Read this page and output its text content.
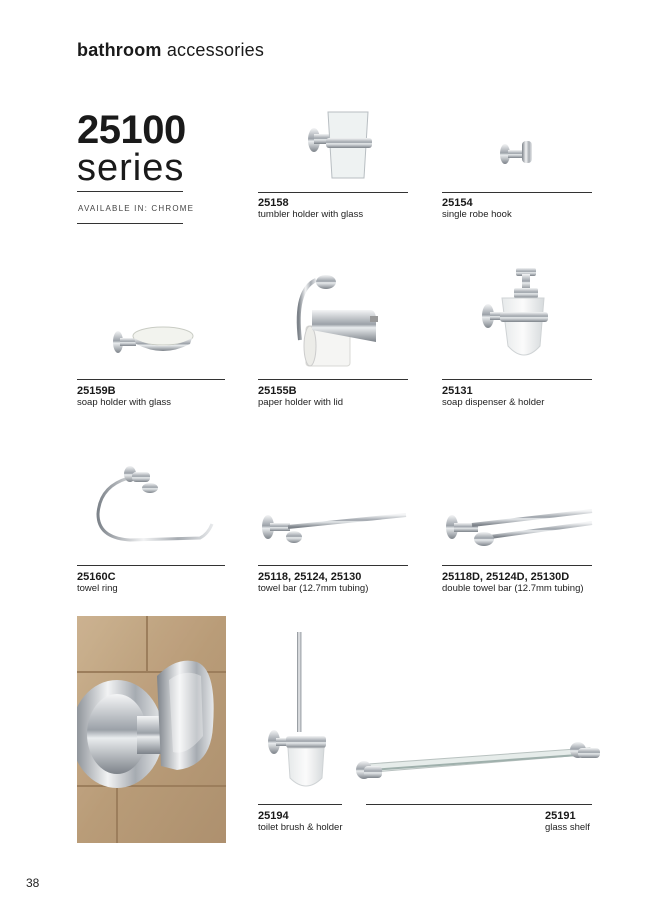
bathroom accessories
25100
series
AVAILABLE IN: CHROME	25158
tumbler holder with glass
25154
single robe hook
25159B
soap holder with glass
25155B
paper holder with lid
25131
soap dispenser & holder
25160C
towel ring
25118, 25124, 25130
towel bar (12.7mm tubing)
25118D, 25124D, 25130D
double towel bar (12.7mm tubing)
25194
toilet brush & holder
25191
glass shelf
38
